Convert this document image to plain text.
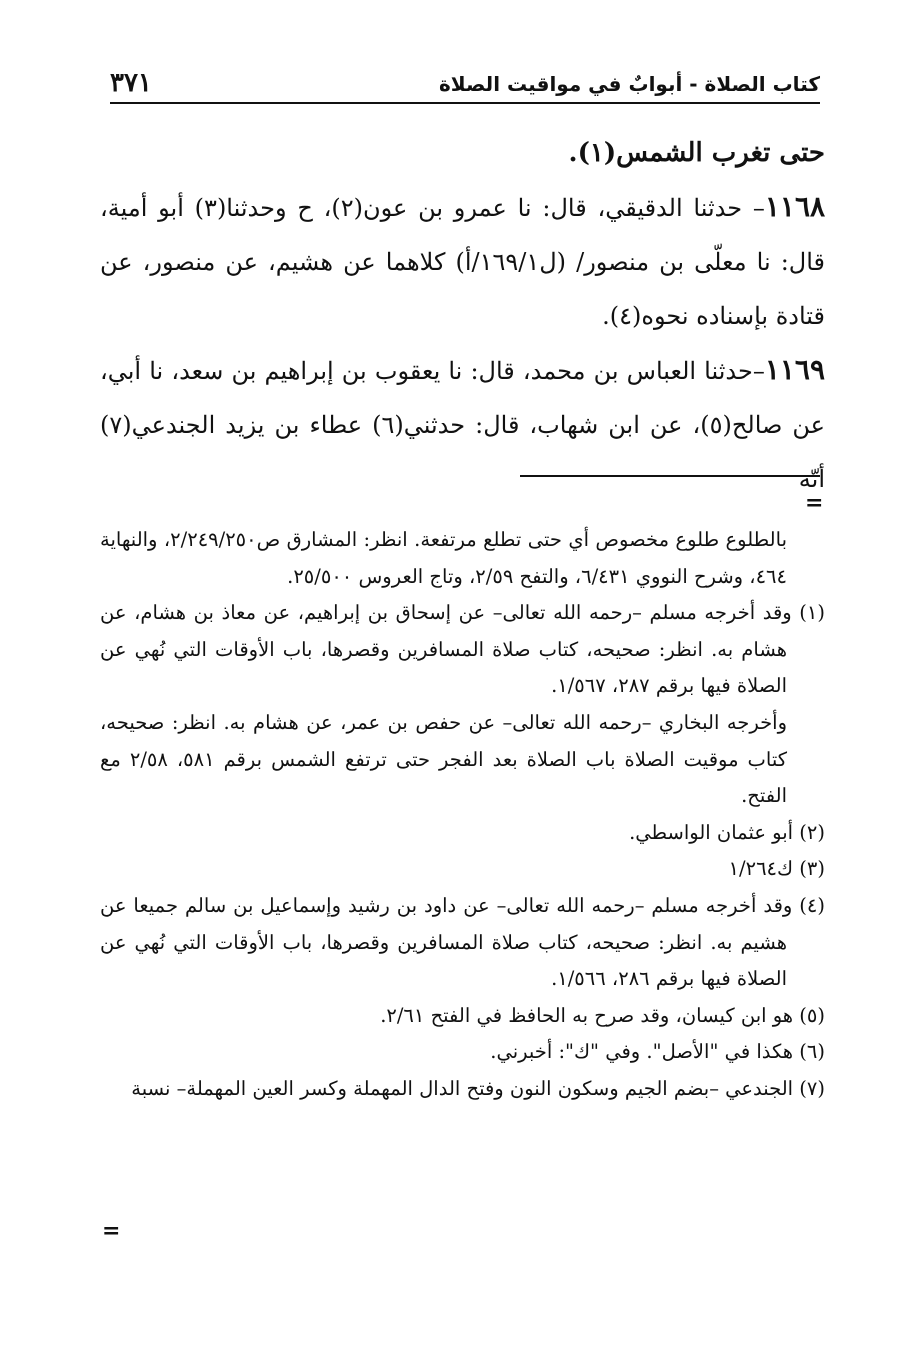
كتاب الصلاة - أبوابٌ في مواقيت الصلاة
٣٧١

حتى تغرب الشمس(١).

١١٦٨– حدثنا الدقيقي، قال: نا عمرو بن عون(٢)، ح وحدثنا(٣) أبو أمية، قال: نا معلّى بن منصور/ (ل١٦٩/١/أ) كلاهما عن هشيم، عن منصور، عن قتادة بإسناده نحوه(٤).

١١٦٩–حدثنا العباس بن محمد، قال: نا يعقوب بن إبراهيم بن سعد، نا أبي، عن صالح(٥)، عن ابن شهاب، قال: حدثني(٦) عطاء بن يزيد الجندعي(٧) أنّه

=

بالطلوع طلوع مخصوص أي حتى تطلع مرتفعة. انظر: المشارق ص٢/٢٤٩/٢٥٠، والنهاية ٤٦٤، وشرح النووي ٦/٤٣١، والتفح ٢/٥٩، وتاج العروس ٢٥/٥٠٠.

(١) وقد أخرجه مسلم –رحمه الله تعالى– عن إسحاق بن إبراهيم، عن معاذ بن هشام، عن هشام به. انظر: صحيحه، كتاب صلاة المسافرين وقصرها، باب الأوقات التي نُهي عن الصلاة فيها برقم ٢٨٧، ١/٥٦٧.

وأخرجه البخاري –رحمه الله تعالى– عن حفص بن عمر، عن هشام به. انظر: صحيحه، كتاب موقيت الصلاة باب الصلاة بعد الفجر حتى ترتفع الشمس برقم ٥٨١، ٢/٥٨ مع الفتح.

(٢) أبو عثمان الواسطي.

(٣) ك١/٢٦٤

(٤) وقد أخرجه مسلم –رحمه الله تعالى– عن داود بن رشيد وإسماعيل بن سالم جميعا عن هشيم به. انظر: صحيحه، كتاب صلاة المسافرين وقصرها، باب الأوقات التي نُهي عن الصلاة فيها برقم ٢٨٦، ١/٥٦٦.

(٥) هو ابن كيسان، وقد صرح به الحافظ في الفتح ٢/٦١.

(٦) هكذا في "الأصل". وفي "ك": أخبرني.

(٧) الجندعي –بضم الجيم وسكون النون وفتح الدال المهملة وكسر العين المهملة– نسبة

=
